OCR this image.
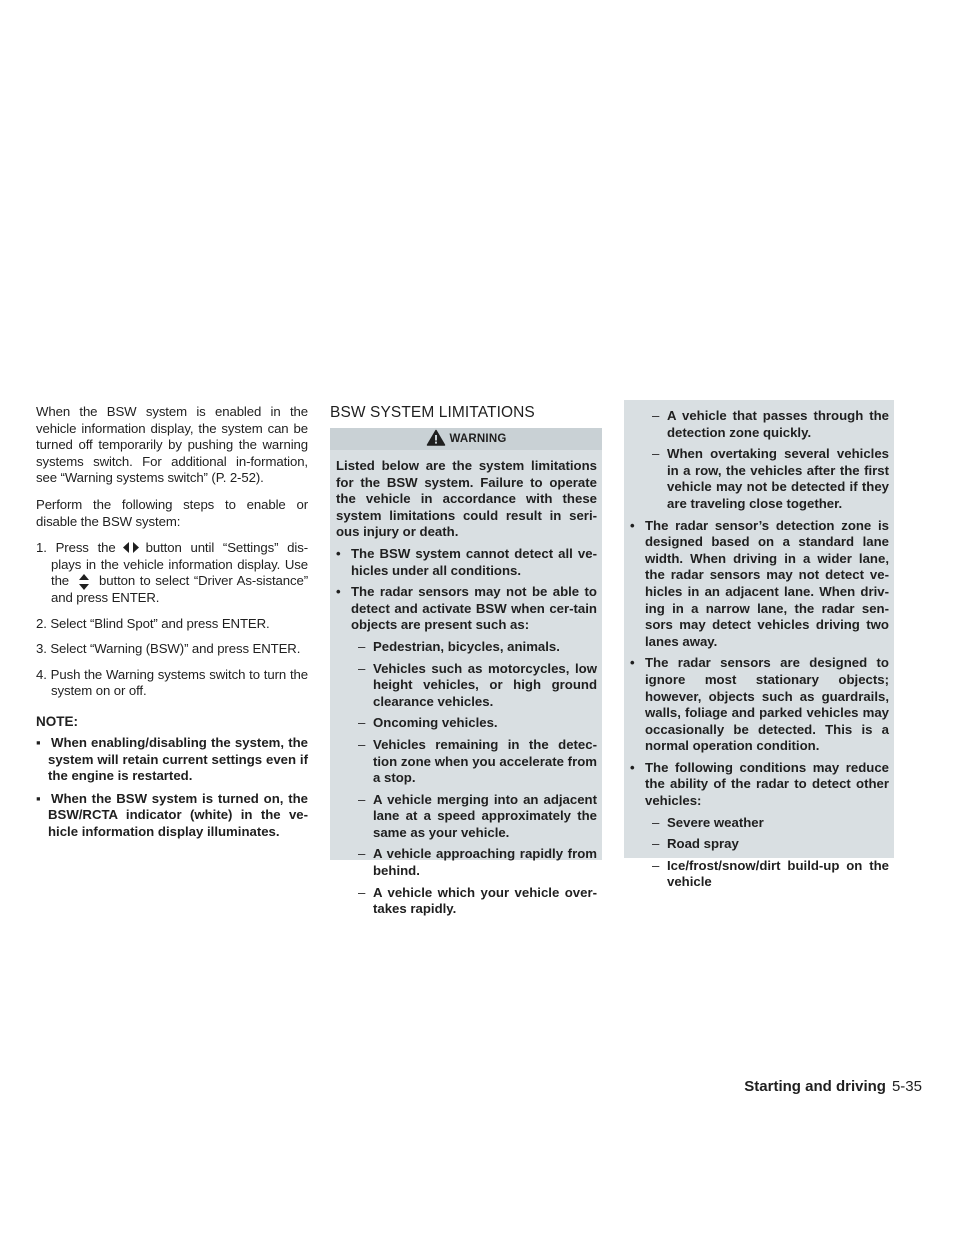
When the BSW system is enabled in the vehicle information display, the system can be turned off temporarily by pushing the warning systems switch. For additional in-formation, see “Warning systems switch” (P. 2-52).

Perform the following steps to enable or disable the BSW system:

1. Press the button until “Settings” dis-plays in the vehicle information display. Use the button to select “Driver As-sistance” and press ENTER.

2. Select “Blind Spot” and press ENTER.

3. Select “Warning (BSW)” and press ENTER.

4. Push the Warning systems switch to turn the system on or off.

NOTE:

▪ When enabling/disabling the system, the system will retain current settings even if the engine is restarted.

▪ When the BSW system is turned on, the BSW/RCTA indicator (white) in the ve-hicle information display illuminates.

BSW SYSTEM LIMITATIONS
WARNING

Listed below are the system limitations for the BSW system. Failure to operate the vehicle in accordance with these system limitations could result in seri-ous injury or death.

• The BSW system cannot detect all ve-hicles under all conditions.

• The radar sensors may not be able to detect and activate BSW when cer-tain objects are present such as:

– Pedestrian, bicycles, animals.

– Vehicles such as motorcycles, low height vehicles, or high ground clearance vehicles.

– Oncoming vehicles.

– Vehicles remaining in the detec-tion zone when you accelerate from a stop.

– A vehicle merging into an adjacent lane at a speed approximately the same as your vehicle.

– A vehicle approaching rapidly from behind.

– A vehicle which your vehicle over-takes rapidly.

– A vehicle that passes through the detection zone quickly.

– When overtaking several vehicles in a row, the vehicles after the first vehicle may not be detected if they are traveling close together.

• The radar sensor’s detection zone is designed based on a standard lane width. When driving in a wider lane, the radar sensors may not detect ve-hicles in an adjacent lane. When driv-ing in a narrow lane, the radar sen-sors may detect vehicles driving two lanes away.

• The radar sensors are designed to ignore most stationary objects; however, objects such as guardrails, walls, foliage and parked vehicles may occasionally be detected. This is a normal operation condition.

• The following conditions may reduce the ability of the radar to detect other vehicles:

– Severe weather

– Road spray

– Ice/frost/snow/dirt build-up on the vehicle

Starting and driving 5-35
